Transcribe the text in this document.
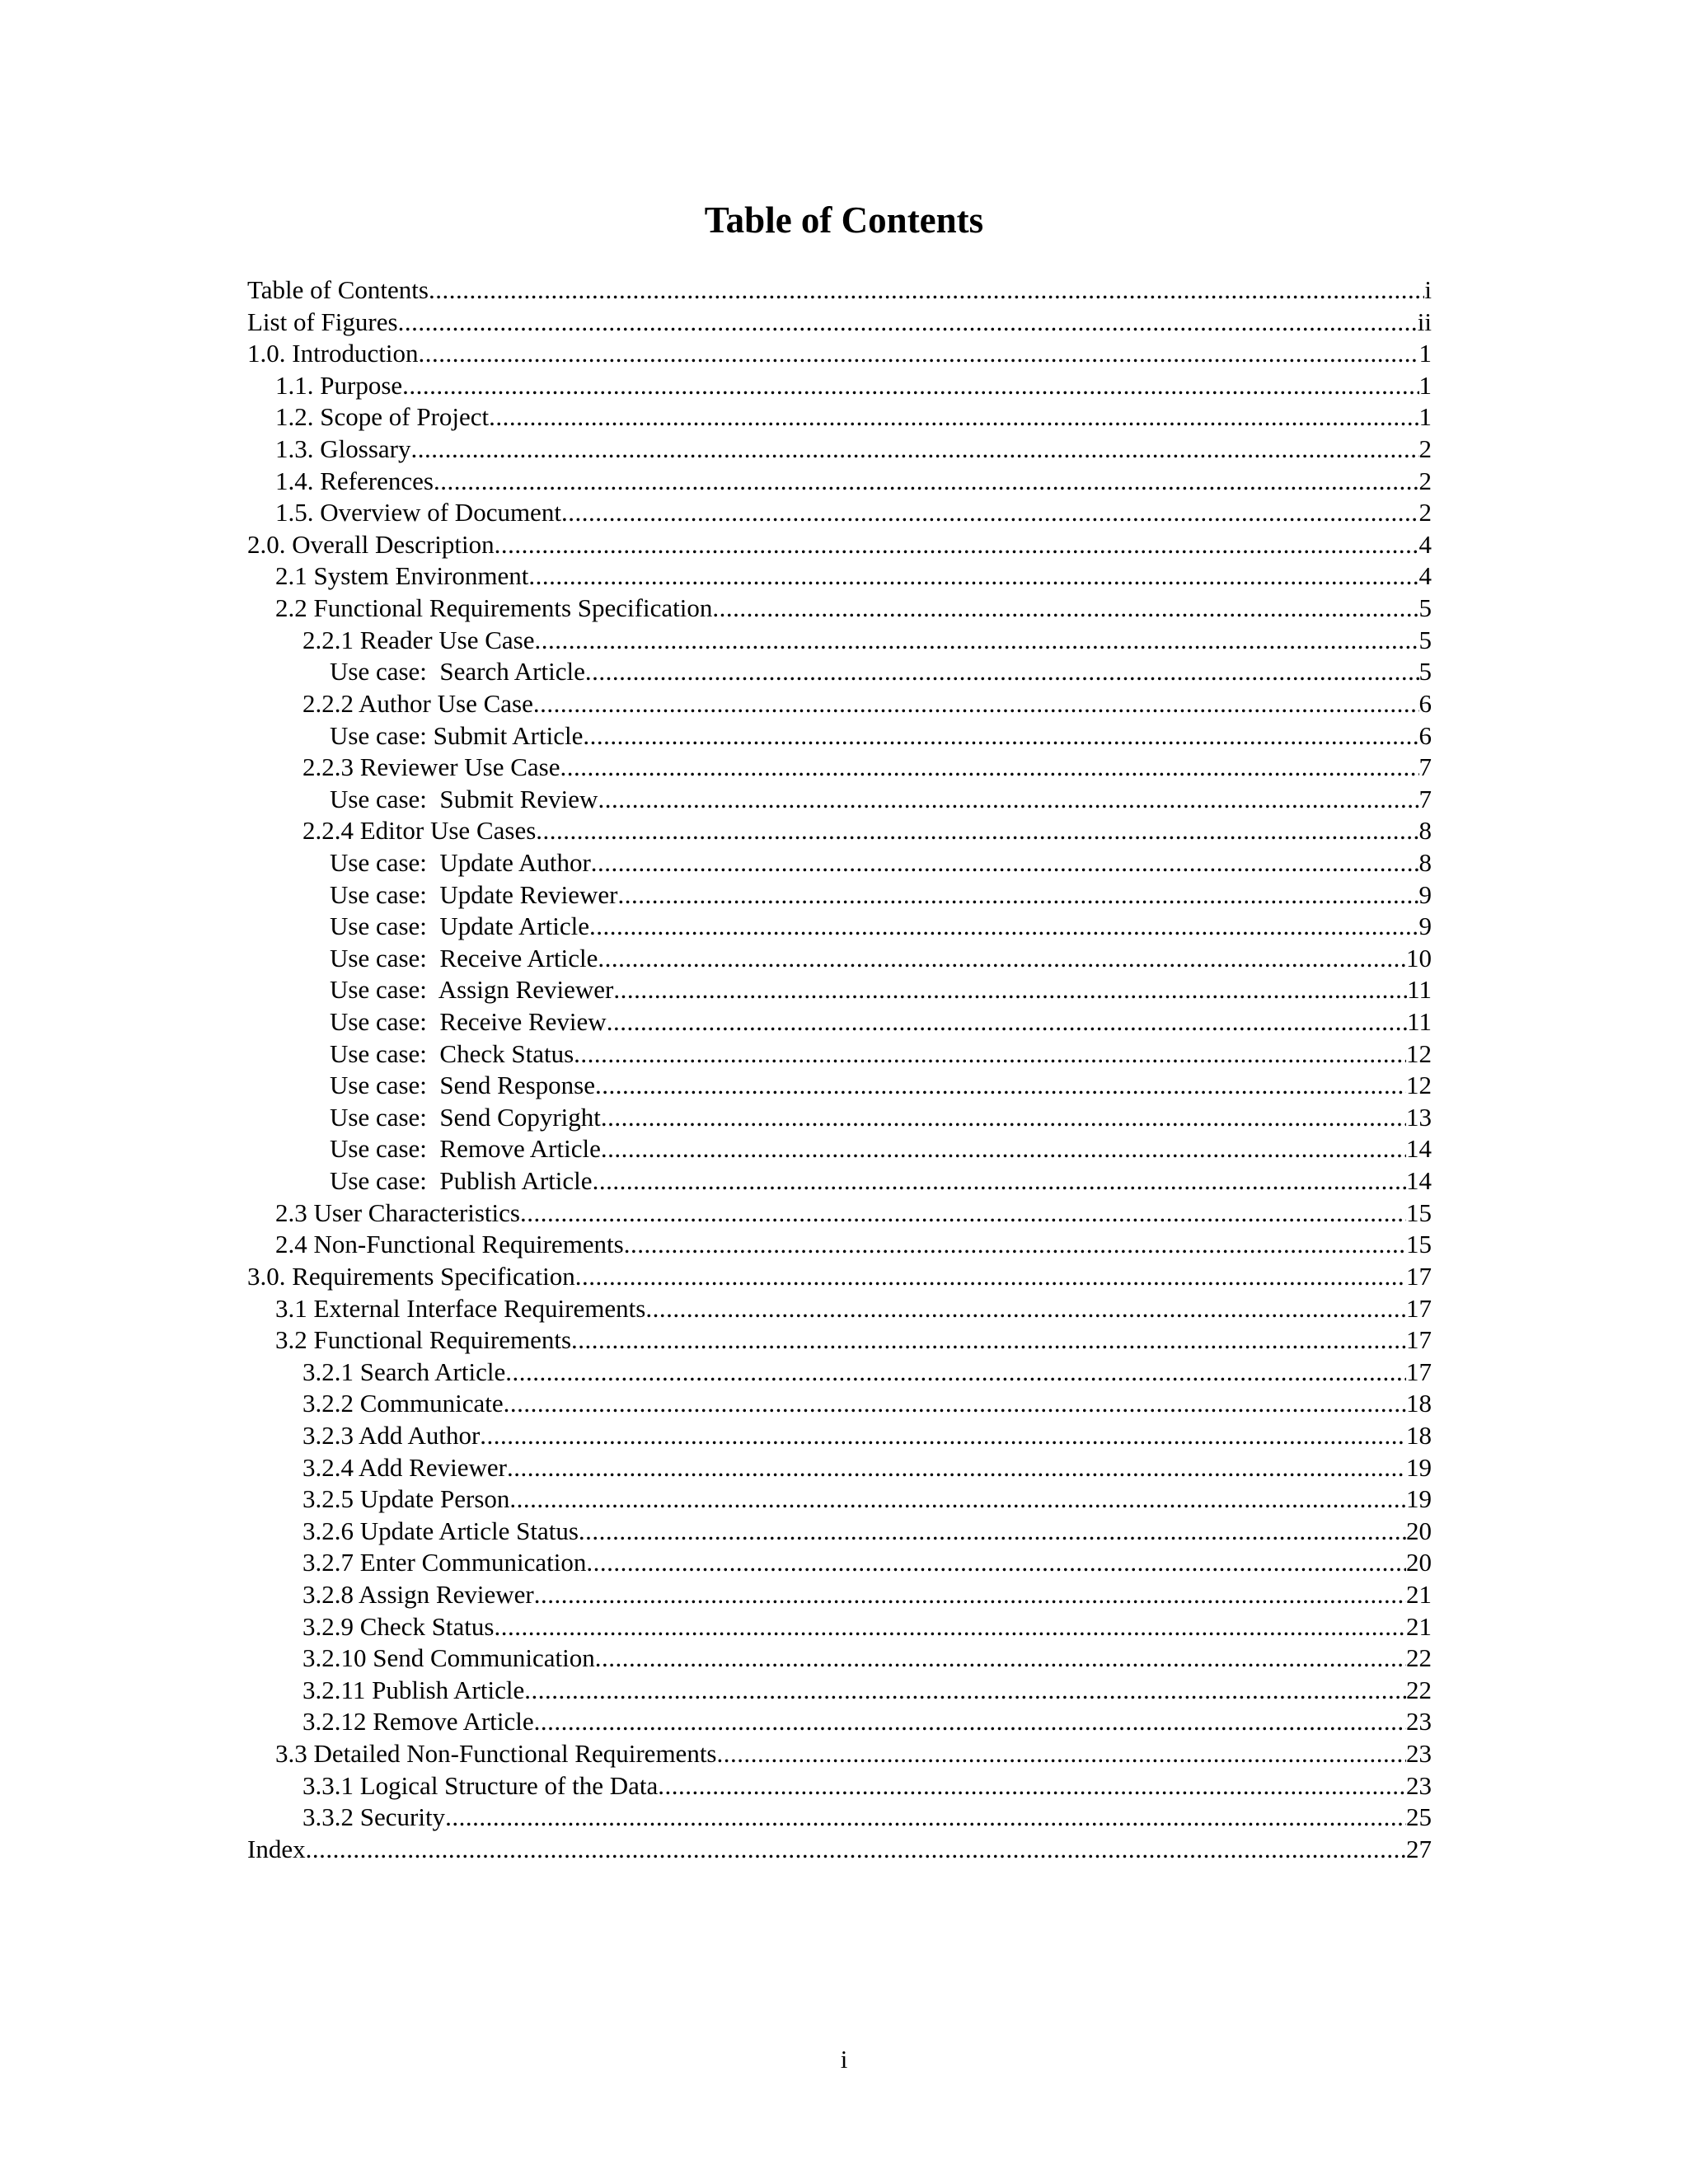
Table of Contents
Table of Contents .....	i
List of Figures .....	ii
1.0. Introduction .....	1
1.1. Purpose .....	1
1.2. Scope of Project .....	1
1.3. Glossary .....	2
1.4. References .....	2
1.5. Overview of Document .....	2
2.0. Overall Description .....	4
2.1 System Environment .....	4
2.2 Functional Requirements Specification .....	5
2.2.1 Reader Use Case .....	5
Use case:  Search Article .....	5
2.2.2 Author Use Case .....	6
Use case: Submit Article .....	6
2.2.3 Reviewer Use Case .....	7
Use case:  Submit Review .....	7
2.2.4 Editor Use Cases .....	8
Use case:  Update Author .....	8
Use case:  Update Reviewer .....	9
Use case:  Update Article .....	9
Use case:  Receive Article .....	10
Use case:  Assign Reviewer .....	11
Use case:  Receive Review .....	11
Use case:  Check Status .....	12
Use case:  Send Response .....	12
Use case:  Send Copyright .....	13
Use case:  Remove Article .....	14
Use case:  Publish Article .....	14
2.3 User Characteristics .....	15
2.4 Non-Functional Requirements .....	15
3.0. Requirements Specification .....	17
3.1 External Interface Requirements .....	17
3.2 Functional Requirements .....	17
3.2.1 Search Article .....	17
3.2.2 Communicate .....	18
3.2.3 Add Author .....	18
3.2.4 Add Reviewer .....	19
3.2.5 Update Person .....	19
3.2.6 Update Article Status .....	20
3.2.7 Enter Communication .....	20
3.2.8 Assign Reviewer .....	21
3.2.9 Check Status .....	21
3.2.10 Send Communication .....	22
3.2.11 Publish Article .....	22
3.2.12 Remove Article .....	23
3.3 Detailed Non-Functional Requirements .....	23
3.3.1 Logical Structure of the Data .....	23
3.3.2 Security .....	25
Index .....	27
i
